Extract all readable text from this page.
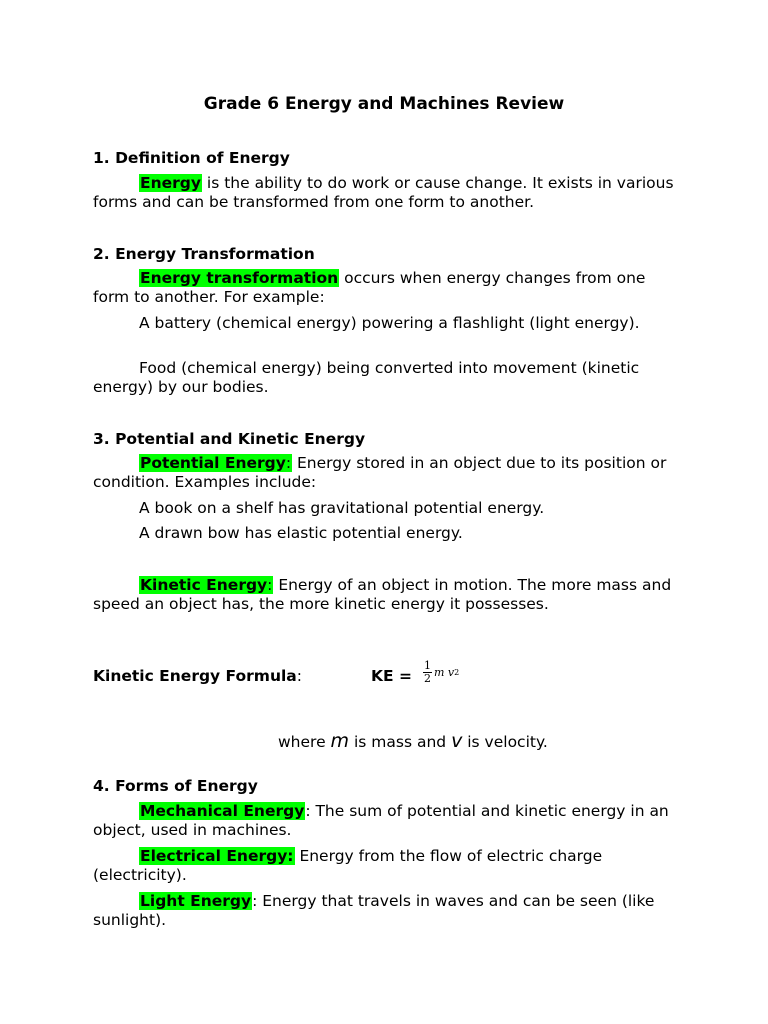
Grade 6 Energy and Machines Review
1. Definition of Energy
Energy is the ability to do work or cause change. It exists in various forms and can be transformed from one form to another.
2. Energy Transformation
Energy transformation occurs when energy changes from one form to another. For example:
A battery (chemical energy) powering a flashlight (light energy).
Food (chemical energy) being converted into movement (kinetic energy) by our bodies.
3. Potential and Kinetic Energy
Potential Energy: Energy stored in an object due to its position or condition. Examples include:
A book on a shelf has gravitational potential energy.
A drawn bow has elastic potential energy.
Kinetic Energy: Energy of an object in motion. The more mass and speed an object has, the more kinetic energy it possesses.
Kinetic Energy Formula:	KE = $\frac{1}{2}$ m v 2
where m is mass and v is velocity.
4. Forms of Energy
Mechanical Energy: The sum of potential and kinetic energy in an object, used in machines.
Electrical Energy: Energy from the flow of electric charge (electricity).
Light Energy: Energy that travels in waves and can be seen (like sunlight).
